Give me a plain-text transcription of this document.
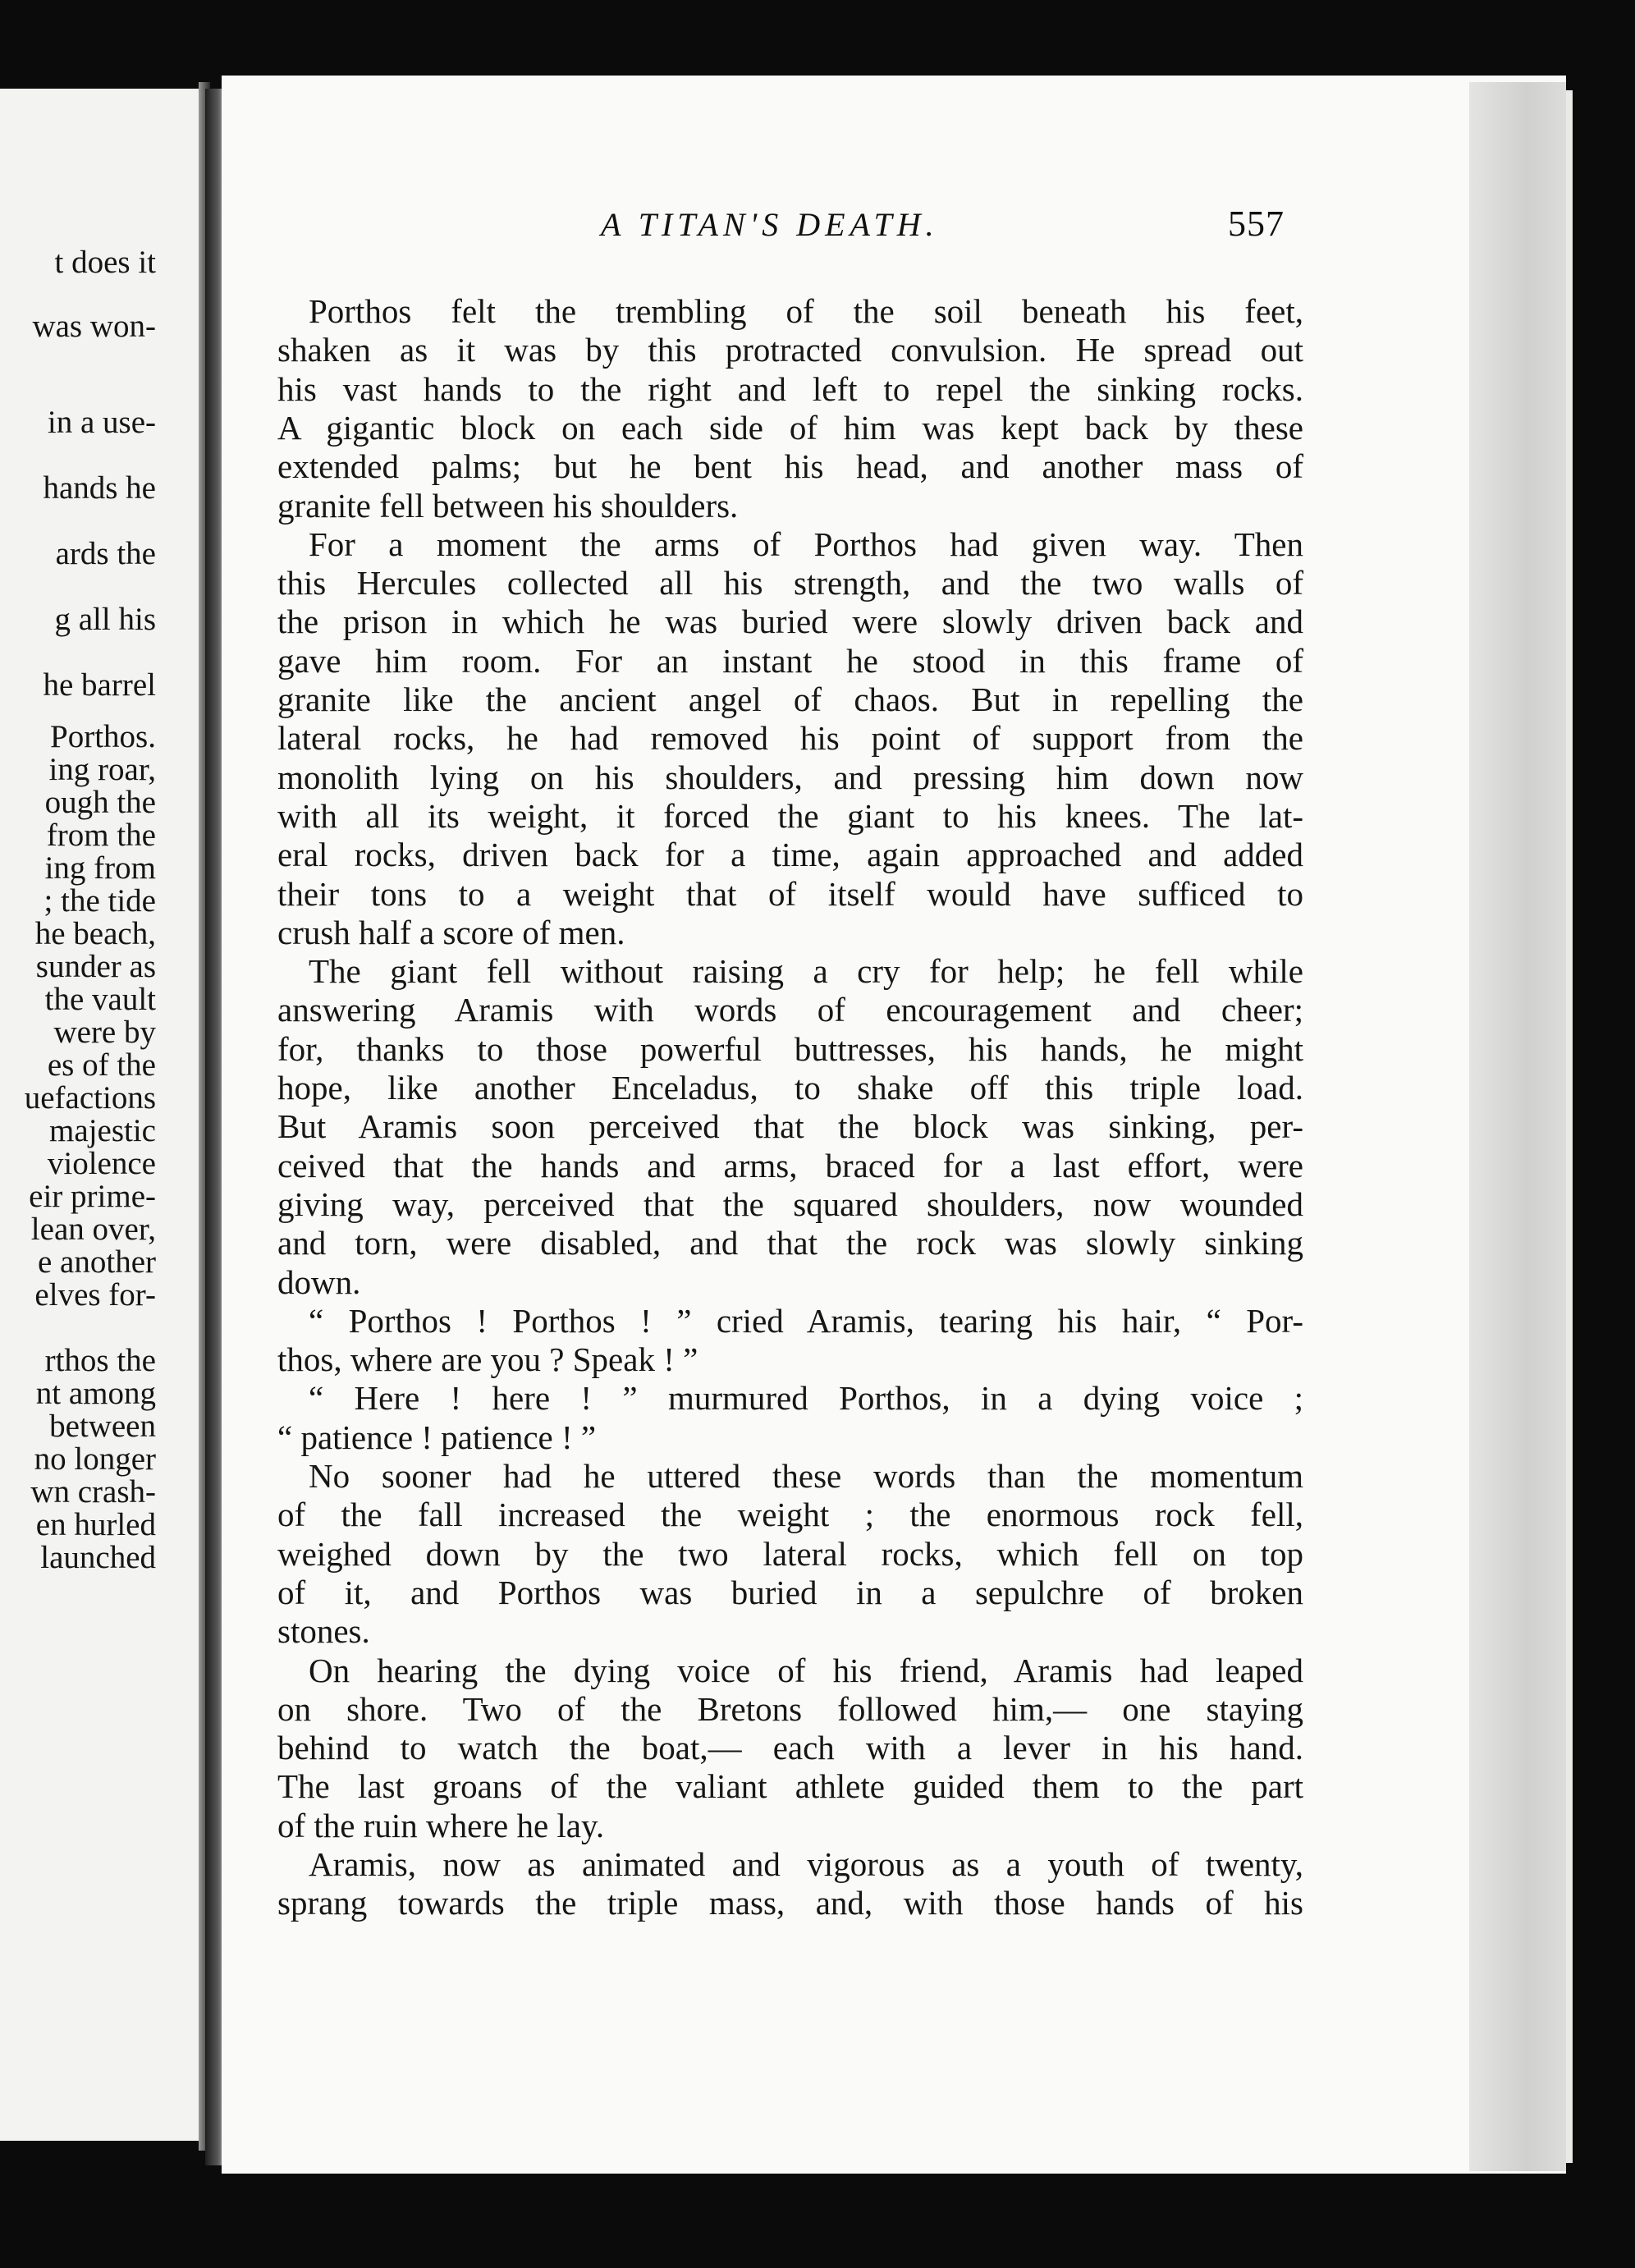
t does it
was won-
in a use-
hands he
ards the
g all his
he barrel
Porthos.
ing roar,
ough the
from the
ing from
; the tide
he beach,
sunder as
the vault
were by
es of the
uefactions
majestic
violence
eir prime-
lean over,
e another
elves for-
rthos the
nt among
between
no longer
wn crash-
en hurled
launched
A TITAN'S DEATH.	557
Porthos felt the trembling of the soil beneath his feet,
shaken as it was by this protracted convulsion. He spread out
his vast hands to the right and left to repel the sinking rocks.
A gigantic block on each side of him was kept back by these
extended palms; but he bent his head, and another mass of
granite fell between his shoulders.
For a moment the arms of Porthos had given way. Then
this Hercules collected all his strength, and the two walls of
the prison in which he was buried were slowly driven back and
gave him room. For an instant he stood in this frame of
granite like the ancient angel of chaos. But in repelling the
lateral rocks, he had removed his point of support from the
monolith lying on his shoulders, and pressing him down now
with all its weight, it forced the giant to his knees. The lat-
eral rocks, driven back for a time, again approached and added
their tons to a weight that of itself would have sufficed to
crush half a score of men.
The giant fell without raising a cry for help; he fell while
answering Aramis with words of encouragement and cheer;
for, thanks to those powerful buttresses, his hands, he might
hope, like another Enceladus, to shake off this triple load.
But Aramis soon perceived that the block was sinking, per-
ceived that the hands and arms, braced for a last effort, were
giving way, perceived that the squared shoulders, now wounded
and torn, were disabled, and that the rock was slowly sinking
down.
“ Porthos ! Porthos ! ” cried Aramis, tearing his hair, “ Por-
thos, where are you ? Speak ! ”
“ Here ! here ! ” murmured Porthos, in a dying voice ;
“ patience ! patience ! ”
No sooner had he uttered these words than the momentum
of the fall increased the weight ; the enormous rock fell,
weighed down by the two lateral rocks, which fell on top
of it, and Porthos was buried in a sepulchre of broken
stones.
On hearing the dying voice of his friend, Aramis had leaped
on shore. Two of the Bretons followed him,— one staying
behind to watch the boat,— each with a lever in his hand.
The last groans of the valiant athlete guided them to the part
of the ruin where he lay.
Aramis, now as animated and vigorous as a youth of twenty,
sprang towards the triple mass, and, with those hands of his
